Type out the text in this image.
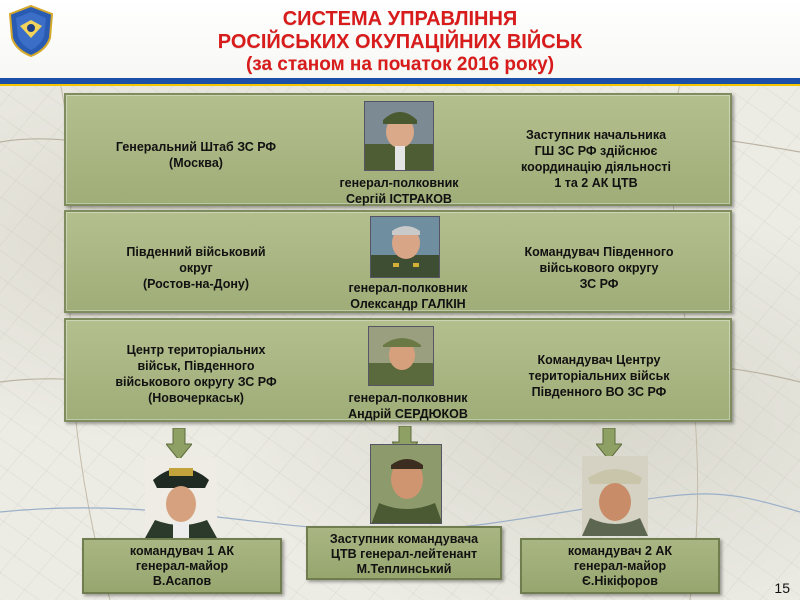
СИСТЕМА УПРАВЛІННЯ
РОСІЙСЬКИХ ОКУПАЦІЙНИХ ВІЙСЬК
(за станом на початок 2016 року)
Генеральний Штаб ЗС РФ
(Москва)
генерал-полковник
Сергій ІСТРАКОВ
Заступник начальника
ГШ ЗС РФ здійснює
координацію діяльності
1 та 2 АК ЦТВ
Південний військовий
округ
(Ростов-на-Дону)	генерал-полковник
Олександр ГАЛКІН
Командувач Південного
військового округу
ЗС РФ
Центр територіальних
військ, Південного
військового округу ЗС РФ
(Новочеркаськ)	генерал-полковник
Андрій СЕРДЮКОВ
Командувач Центру
територіальних військ
Південного ВО ЗС РФ
командувач 1 АК
генерал-майор
В.Асапов
Заступник командувача
ЦТВ генерал-лейтенант
М.Теплинський
командувач 2 АК
генерал-майор
Є.Нікіфоров	15
